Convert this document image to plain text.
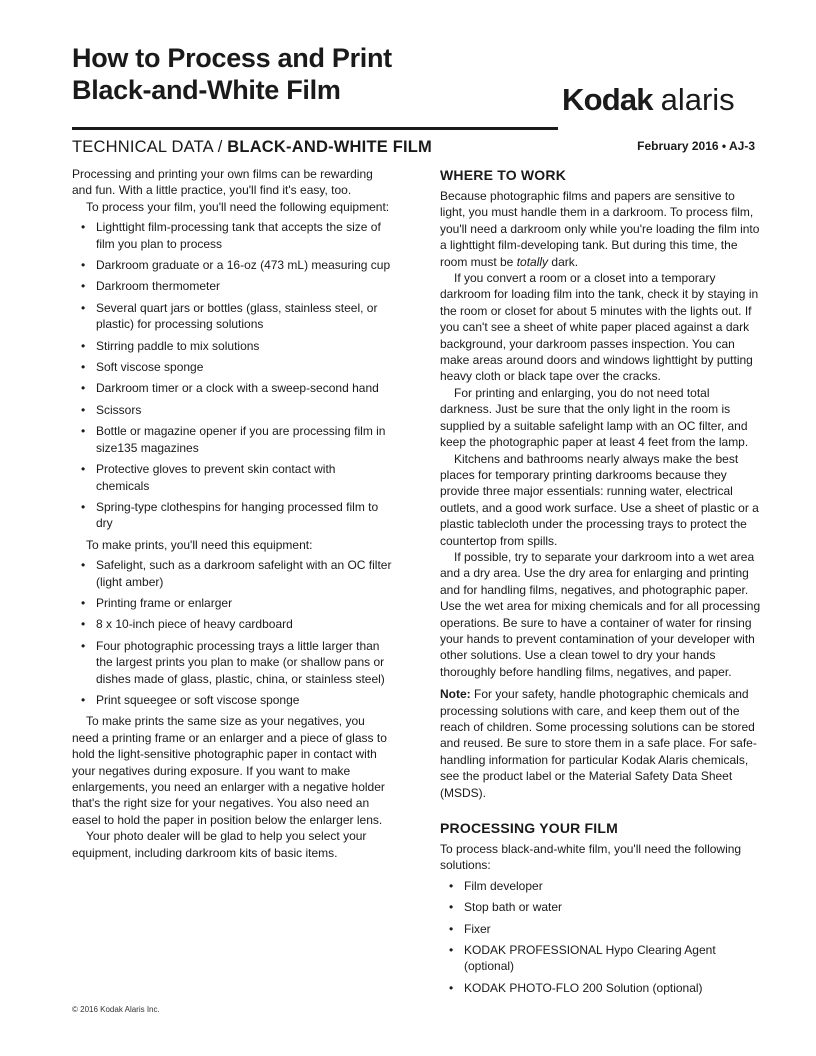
How to Process and Print
Black-and-White Film	Kodak alaris
TECHNICAL DATA / BLACK-AND-WHITE FILM	February 2016 • AJ-3

Processing and printing your own films can be rewarding and fun. With a little practice, you'll find it's easy, too.

To process your film, you'll need the following equipment:

• Lighttight film-processing tank that accepts the size of film you plan to process
• Darkroom graduate or a 16-oz (473 mL) measuring cup
• Darkroom thermometer
• Several quart jars or bottles (glass, stainless steel, or plastic) for processing solutions
• Stirring paddle to mix solutions
• Soft viscose sponge
• Darkroom timer or a clock with a sweep-second hand
• Scissors
• Bottle or magazine opener if you are processing film in size135 magazines
• Protective gloves to prevent skin contact with chemicals
• Spring-type clothespins for hanging processed film to dry

To make prints, you'll need this equipment:

• Safelight, such as a darkroom safelight with an OC filter (light amber)
• Printing frame or enlarger
• 8 x 10-inch piece of heavy cardboard
• Four photographic processing trays a little larger than the largest prints you plan to make (or shallow pans or dishes made of glass, plastic, china, or stainless steel)
• Print squeegee or soft viscose sponge

To make prints the same size as your negatives, you need a printing frame or an enlarger and a piece of glass to hold the light-sensitive photographic paper in contact with your negatives during exposure. If you want to make enlargements, you need an enlarger with a negative holder that's the right size for your negatives. You also need an easel to hold the paper in position below the enlarger lens.

Your photo dealer will be glad to help you select your equipment, including darkroom kits of basic items.

WHERE TO WORK

Because photographic films and papers are sensitive to light, you must handle them in a darkroom. To process film, you'll need a darkroom only while you're loading the film into a lighttight film-developing tank. But during this time, the room must be totally dark.

If you convert a room or a closet into a temporary darkroom for loading film into the tank, check it by staying in the room or closet for about 5 minutes with the lights out. If you can't see a sheet of white paper placed against a dark background, your darkroom passes inspection. You can make areas around doors and windows lighttight by putting heavy cloth or black tape over the cracks.

For printing and enlarging, you do not need total darkness. Just be sure that the only light in the room is supplied by a suitable safelight lamp with an OC filter, and keep the photographic paper at least 4 feet from the lamp.

Kitchens and bathrooms nearly always make the best places for temporary printing darkrooms because they provide three major essentials: running water, electrical outlets, and a good work surface. Use a sheet of plastic or a plastic tablecloth under the processing trays to protect the countertop from spills.

If possible, try to separate your darkroom into a wet area and a dry area. Use the dry area for enlarging and printing and for handling films, negatives, and photographic paper. Use the wet area for mixing chemicals and for all processing operations. Be sure to have a container of water for rinsing your hands to prevent contamination of your developer with other solutions. Use a clean towel to dry your hands thoroughly before handling films, negatives, and paper.

Note: For your safety, handle photographic chemicals and processing solutions with care, and keep them out of the reach of children. Some processing solutions can be stored and reused. Be sure to store them in a safe place. For safe-handling information for particular Kodak Alaris chemicals, see the product label or the Material Safety Data Sheet (MSDS).

PROCESSING YOUR FILM

To process black-and-white film, you'll need the following solutions:

• Film developer
• Stop bath or water
• Fixer
• KODAK PROFESSIONAL Hypo Clearing Agent (optional)
• KODAK PHOTO-FLO 200 Solution (optional)
© 2016 Kodak Alaris Inc.
